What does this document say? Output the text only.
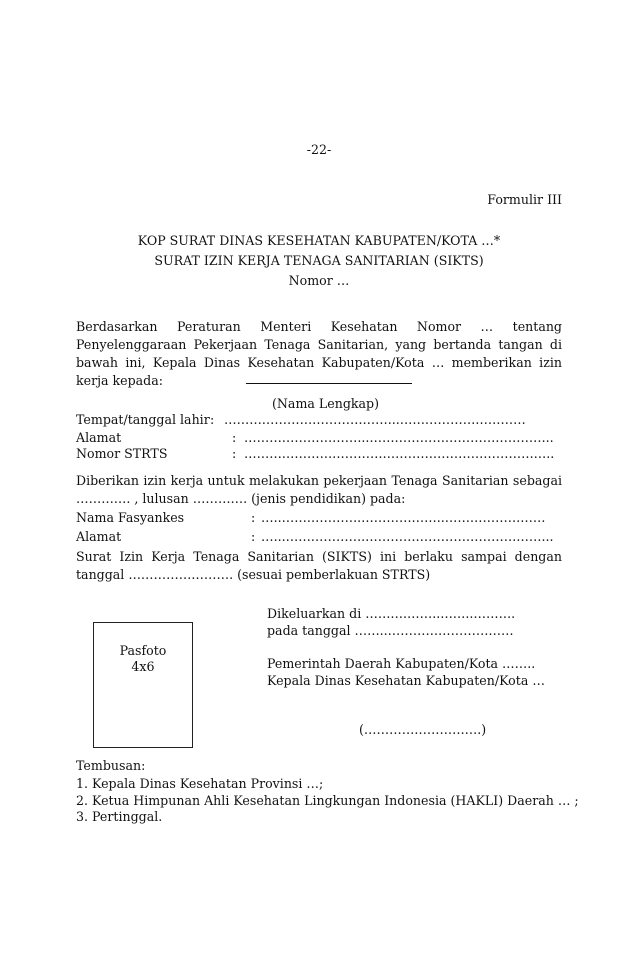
-22-
Formulir III
KOP SURAT DINAS KESEHATAN KABUPATEN/KOTA …*
SURAT IZIN KERJA TENAGA SANITARIAN (SIKTS)
Nomor …
Berdasarkan Peraturan Menteri Kesehatan Nomor … tentang Penyelenggaraan Pekerjaan Tenaga Sanitarian, yang bertanda tangan di bawah ini, Kepala Dinas Kesehatan Kabupaten/Kota … memberikan izin kerja kepada:
(Nama Lengkap)
Tempat/tanggal lahir : …………………………………...…………………………
Alamat	: ………………………...……………………………………..
Nomor STRTS	: ………………………………………………………………..
Diberikan izin kerja untuk melakukan pekerjaan Tenaga Sanitarian sebagai …………. , lulusan …………. (jenis pendidikan) pada:
Nama Fasyankes	: …..……………….………………..……………………
Alamat	: …...……………….……………………………………...
Surat Izin Kerja Tenaga Sanitarian (SIKTS) ini berlaku sampai dengan tanggal ……………………. (sesuai pemberlakuan STRTS)
Dikeluarkan di ……….……..……..……….
pada tanggal ……..…………………………
Pasfoto
4x6	Pemerintah Daerah Kabupaten/Kota ……..
Kepala Dinas Kesehatan Kabupaten/Kota …
(……………………….)
Tembusan:
1. Kepala Dinas Kesehatan Provinsi …;
2. Ketua Himpunan Ahli Kesehatan Lingkungan Indonesia (HAKLI) Daerah … ;
3. Pertinggal.
